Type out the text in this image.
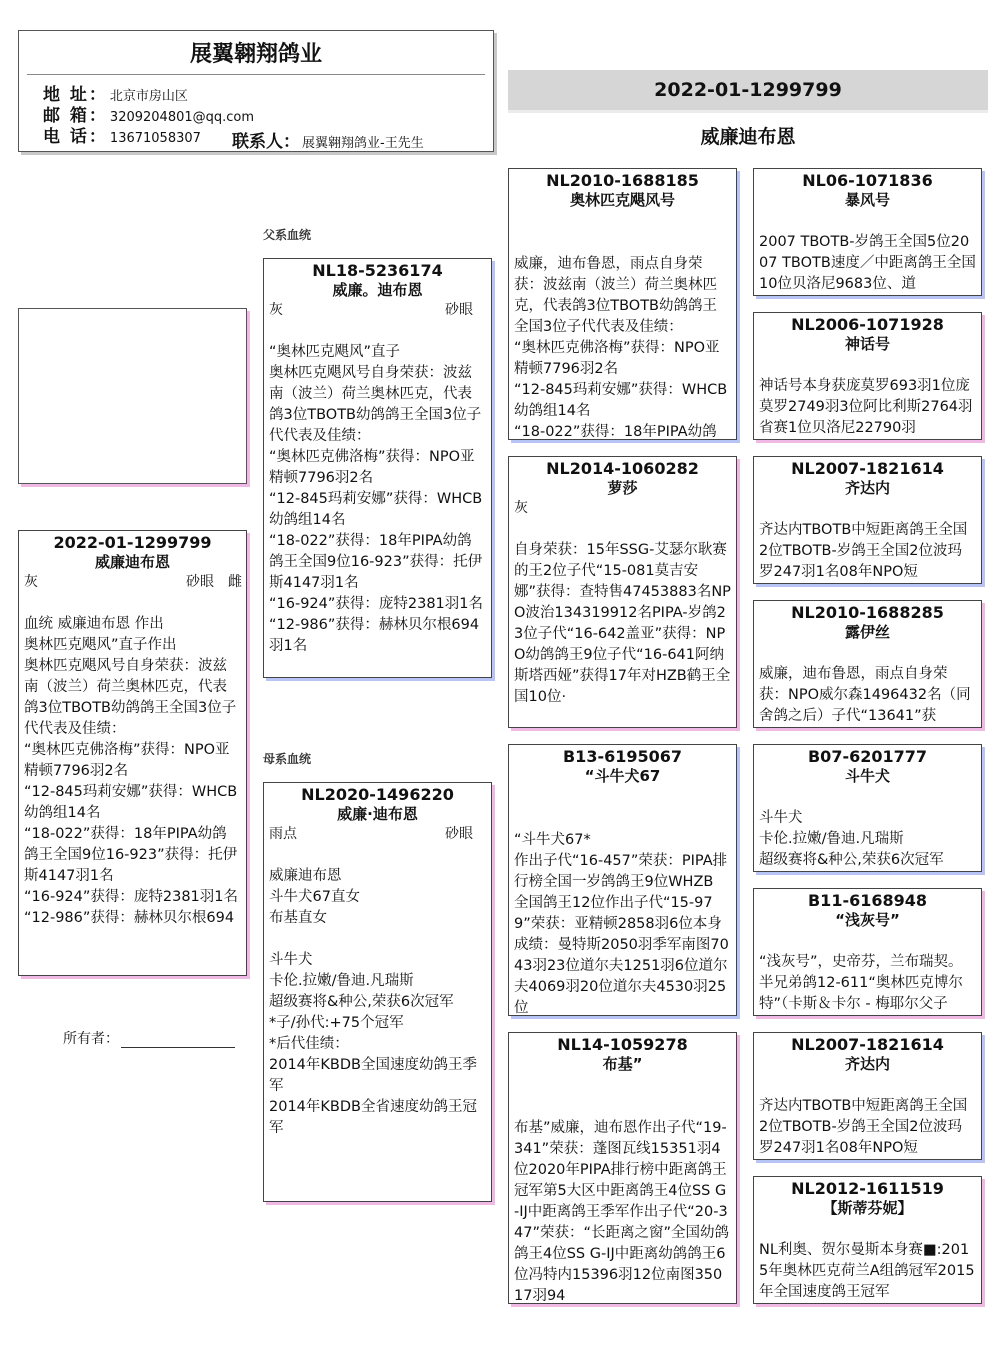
展翼翱翔鸽业
地 址： 北京市房山区
邮 箱： 3209204801@qq.com
电 话： 13671058307 联系人： 展翼翱翔鸽业-王先生
2022-01-1299799
威廉迪布恩
2022-01-1299799
威廉迪布恩
灰	砂眼 雌
血统 威廉迪布恩 作出
奥林匹克飓风”直子作出
奥林匹克飓风号自身荣获：波兹南（波兰）荷兰奥林匹克，代表鸽3位TBOTB幼鸽鸽王全国3位子代代表及佳绩：
“奥林匹克佛洛梅”获得：NPO亚精顿7796羽2名
“12-845玛莉安娜”获得：WHCB幼鸽组14名
“18-022”获得：18年PIPA幼鸽鸽王全国9位16-923”获得：托伊斯4147羽1名
“16-924”获得：庞特2381羽1名
“12-986”获得：赫林贝尔根694
所有者：
父系血统
NL18-5236174
威廉。迪布恩
灰	砂眼
“奥林匹克飓风”直子
奥林匹克飓风号自身荣获：波兹南（波兰）荷兰奥林匹克，代表鸽3位TBOTB幼鸽鸽王全国3位子代代表及佳绩：
“奥林匹克佛洛梅”获得：NPO亚精顿7796羽2名
“12-845玛莉安娜”获得：WHCB幼鸽组14名
“18-022”获得：18年PIPA幼鸽鸽王全国9位16-923”获得：托伊斯4147羽1名
“16-924”获得：庞特2381羽1名
“12-986”获得：赫林贝尔根694羽1名
母系血统
NL2020-1496220
威廉·迪布恩
雨点	砂眼
威廉迪布恩
斗牛犬67直女
布基直女

斗牛犬
卡伦.拉嫩/鲁迪.凡瑞斯
超级赛将&种公,荣获6次冠军
*子/孙代:+75个冠军
*后代佳绩：
2014年KBDB全国速度幼鸽王季军
2014年KBDB全省速度幼鸽王冠军
NL2010-1688185
奥林匹克飓风号
威廉，迪布鲁恩，雨点自身荣获：波兹南（波兰）荷兰奥林匹克，代表鸽3位TBOTB幼鸽鸽王全国3位子代代表及佳绩：
“奥林匹克佛洛梅”获得：NPO亚精顿7796羽2名
“12-845玛莉安娜”获得：WHCB幼鸽组14名
“18-022”获得：18年PIPA幼鸽
NL2014-1060282
萝莎
灰
自身荣获：15年SSG-艾瑟尔耿赛的王2位子代“15-081莫吉安娜”获得：查特售47453883名NPO波治134319912名PIPA-岁鸽23位子代“16-642盖亚”获得：NPO幼鸽鸽王9位子代“16-641阿纳斯塔西娅”获得17年对HZB鹤王全国10位·
B13-6195067
“斗牛犬67
“斗牛犬67*
作出子代“16-457”荣获：PIPA排行榜全国一岁鸽鸽王9位WHZB 全国鸽王12位作出子代“15-979”荣获：亚精顿2858羽6位本身成绩：曼特斯2050羽季军南图7043羽23位道尔夫1251羽6位道尔夫4069羽20位道尔夫4530羽25位
NL14-1059278
布基”
布基”威廉，迪布恩作出子代“19-341”荣获：蓬图瓦线15351羽4位2020年PIPA排行榜中距离鸽王冠军第5大区中距离鸽王4位SS G-IJ中距离鸽王季军作出子代“20-347”荣获：“长距离之窗”全国幼鸽鸽王4位SS G-IJ中距离幼鸽鸽王6位冯特内15396羽12位南图35017羽94
NL06-1071836
暴风号
2007 TBOTB-岁鸽王全国5位2007 TBOTB速度／中距离鸽王全国10位贝洛尼9683位、道
NL2006-1071928
神话号
神话号本身获庞莫罗693羽1位庞莫罗2749羽3位阿比利斯2764羽省赛1位贝洛尼22790羽
NL2007-1821614
齐达内
齐达内TBOTB中短距离鸽王全国2位TBOTB-岁鸽王全国2位波玛罗247羽1名08年NPO短
NL2010-1688285
露伊丝
威廉，迪布鲁恩，雨点自身荣获：NPO威尔森1496432名（同舍鸽之后）子代“13641”获
B07-6201777
斗牛犬
斗牛犬
卡伦.拉嫩/鲁迪.凡瑞斯
超级赛将&种公,荣获6次冠军
B11-6168948
“浅灰号”
“浅灰号”，史帝芬，兰布瑞契。半兄弟鸽12-611“奥林匹克博尔特”（卡斯＆卡尔 - 梅耶尔父子
NL2007-1821614
齐达内
齐达内TBOTB中短距离鸽王全国2位TBOTB-岁鸽王全国2位波玛罗247羽1名08年NPO短
NL2012-1611519
【斯蒂芬妮】
NL利奥、贺尔曼斯本身赛■:2015年奥林匹克荷兰A组鸽冠军2015年全国速度鸽王冠军
